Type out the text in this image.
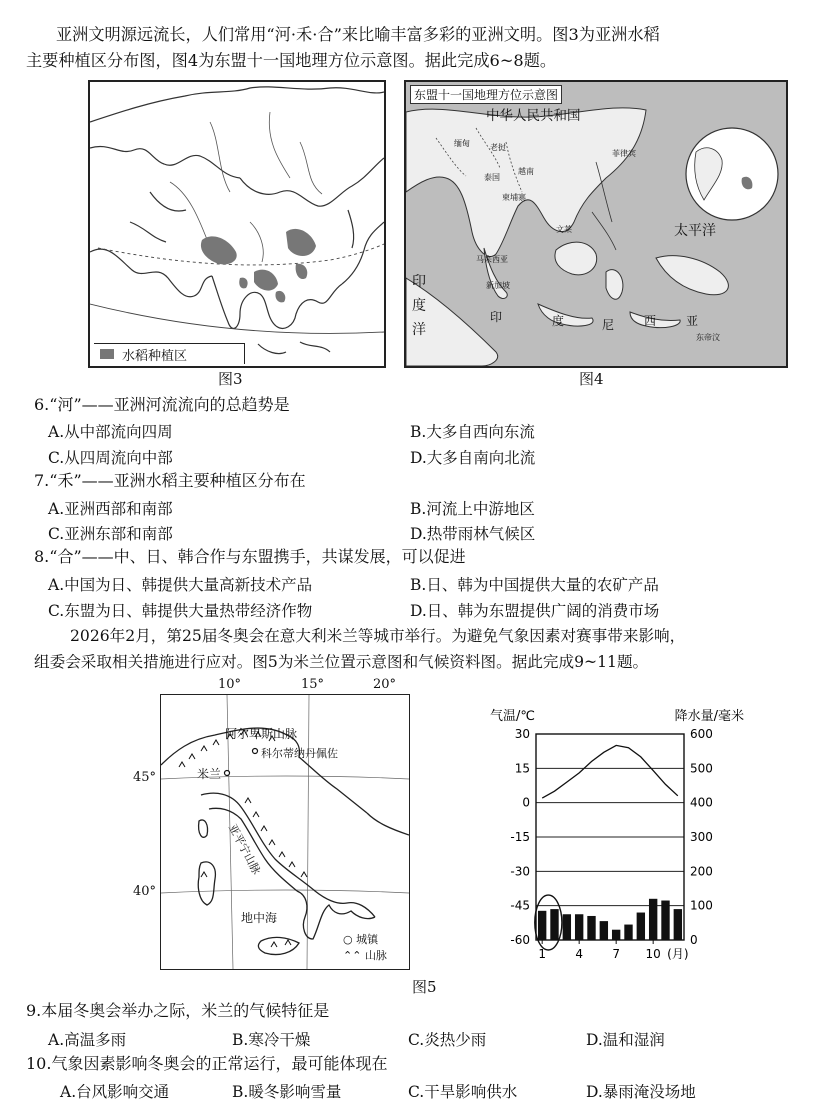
亚洲文明源远流长，人们常用“河·禾·合”来比喻丰富多彩的亚洲文明。图3为亚洲水稻
主要种植区分布图，图4为东盟十一国地理方位示意图。据此完成6~8题。
水稻种植区
图3
东盟十一国地理方位示意图
中华人民共和国
太平洋
印
度
洋
印	度	尼 西 亚
缅甸	老挝
泰国
越南
柬埔寨
马来西亚
新加坡
文莱
菲律宾
东帝汶
图4
6.“河”——亚洲河流流向的总趋势是
A.从中部流向四周	B.大多自西向东流
C.从四周流向中部	D.大多自南向北流
7.“禾”——亚洲水稻主要种植区分布在
A.亚洲西部和南部	B.河流上中游地区
C.亚洲东部和南部	D.热带雨林气候区
8.“合”——中、日、韩合作与东盟携手，共谋发展，可以促进
A.中国为日、韩提供大量高新技术产品	B.日、韩为中国提供大量的农矿产品
C.东盟为日、韩提供大量热带经济作物	D.日、韩为东盟提供广阔的消费市场
2026年2月，第25届冬奥会在意大利米兰等城市举行。为避免气象因素对赛事带来影响，
组委会采取相关措施进行应对。图5为米兰位置示意图和气候资料图。据此完成9~11题。
10°	15°	20°
45°
40°
阿尔卑斯山脉
科尔蒂纳丹佩佐
米兰
亚平宁山脉
地中海
○ 城镇
⌃⌃ 山脉
30
15
0
-15
-30
-45
-60
600
500
400
300
200
100
0
1 4 7 10 (月)
气温/℃	降水量/毫米
图5
9.本届冬奥会举办之际，米兰的气候特征是
A.高温多雨	B.寒冷干燥	C.炎热少雨	D.温和湿润
10.气象因素影响冬奥会的正常运行，最可能体现在
A.台风影响交通	B.暖冬影响雪量	C.干旱影响供水	D.暴雨淹没场地
